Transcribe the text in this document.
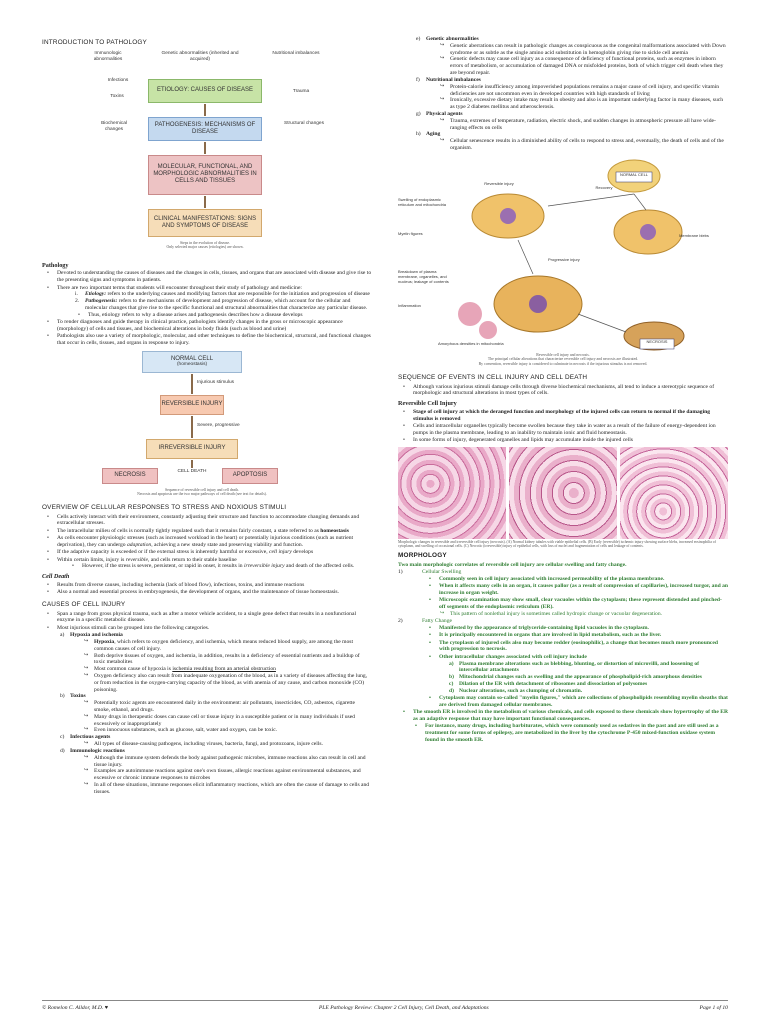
INTRODUCTION TO PATHOLOGY
Immunologic abnormalities
Genetic abnormalities (inherited and acquired)
Nutritional imbalances
Infections
Toxins
Trauma
ETIOLOGY: CAUSES OF DISEASE
PATHOGENESIS: MECHANISMS OF DISEASE
Biochemical changes
Structural changes
MOLECULAR, FUNCTIONAL, AND MORPHOLOGIC ABNORMALITIES IN CELLS AND TISSUES
CLINICAL MANIFESTATIONS: SIGNS AND SYMPTOMS OF DISEASE
Steps in the evolution of disease.
Only selected major causes (etiologies) are shown.
Pathology
• Devoted to understanding the causes of diseases and the changes in cells, tissues, and organs that are associated with disease and give rise to the presenting signs and symptoms in patients.
• There are two important terms that students will encounter throughout their study of pathology and medicine:
i. Etiology: refers to the underlying causes and modifying factors that are responsible for the initiation and progression of disease
2. Pathogenesis: refers to the mechanisms of development and progression of disease, which account for the cellular and molecular changes that give rise to the specific functional and structural abnormalities that characterize any particular disease.
• Thus, etiology refers to why a disease arises and pathogenesis describes how a disease develops
• To render diagnoses and guide therapy in clinical practice, pathologists identify changes in the gross or microscopic appearance (morphology) of cells and tissues, and biochemical alterations in body fluids (such as blood and urine)
• Pathologists also use a variety of morphologic, molecular, and other techniques to define the biochemical, structural, and functional changes that occur in cells, tissues, and organs in response to injury.
NORMAL CELL
(homeostasis)
Injurious stimulus
REVERSIBLE INJURY
Severe, progressive
IRREVERSIBLE INJURY
NECROSIS
CELL DEATH
APOPTOSIS
Sequence of reversible cell injury and cell death.
Necrosis and apoptosis are the two major pathways of cell death (see text for details).
OVERVIEW OF CELLULAR RESPONSES TO STRESS AND NOXIOUS STIMULI
• Cells actively interact with their environment, constantly adjusting their structure and function to accommodate changing demands and extracellular stresses.
• The intracellular milieu of cells is normally tightly regulated such that it remains fairly constant, a state referred to as homeostasis
• As cells encounter physiologic stresses (such as increased workload in the heart) or potentially injurious conditions (such as nutrient deprivation), they can undergo adaptation, achieving a new steady state and preserving viability and function.
• If the adaptive capacity is exceeded or if the external stress is inherently harmful or excessive, cell injury develops
• Within certain limits, injury is reversible, and cells return to their stable baseline
• However, if the stress is severe, persistent, or rapid in onset, it results in irreversible injury and death of the affected cells.
Cell Death
• Results from diverse causes, including ischemia (lack of blood flow), infections, toxins, and immune reactions
• Also a normal and essential process in embryogenesis, the development of organs, and the maintenance of tissue homeostasis.
CAUSES OF CELL INJURY
• Span a range from gross physical trauma, such as after a motor vehicle accident, to a single gene defect that results in a nonfunctional enzyme in a specific metabolic disease.
• Most injurious stimuli can be grouped into the following categories.
a) Hypoxia and ischemia
↪ Hypoxia, which refers to oxygen deficiency, and ischemia, which means reduced blood supply, are among the most common causes of cell injury.
↪ Both deprive tissues of oxygen, and ischemia, in addition, results in a deficiency of essential nutrients and a buildup of toxic metabolites
↪ Most common cause of hypoxia is ischemia resulting from an arterial obstruction
↪ Oxygen deficiency also can result from inadequate oxygenation of the blood, as in a variety of diseases affecting the lung, or from reduction in the oxygen-carrying capacity of the blood, as with anemia of any cause, and carbon monoxide (CO) poisoning.
b) Toxins
↪ Potentially toxic agents are encountered daily in the environment: air pollutants, insecticides, CO, asbestos, cigarette smoke, ethanol, and drugs.
↪ Many drugs in therapeutic doses can cause cell or tissue injury in a susceptible patient or in many individuals if used excessively or inappropriately
↪ Even innocuous substances, such as glucose, salt, water and oxygen, can be toxic.
c) Infectious agents
↪ All types of disease-causing pathogens, including viruses, bacteria, fungi, and protozoans, injure cells.
d) Immunologic reactions
↪ Although the immune system defends the body against pathogenic microbes, immune reactions also can result in cell and tissue injury.
↪ Examples are autoimmune reactions against one's own tissues, allergic reactions against environmental substances, and excessive or chronic immune responses to microbes
↪ In all of these situations, immune responses elicit inflammatory reactions, which are often the cause of damage to cells and tissues.
e) Genetic abnormalities
↪ Genetic aberrations can result in pathologic changes as conspicuous as the congenital malformations associated with Down syndrome or as subtle as the single amino acid substitution in hemoglobin giving rise to sickle cell anemia
↪ Genetic defects may cause cell injury as a consequence of deficiency of functional proteins, such as enzymes in inborn errors of metabolism, or accumulation of damaged DNA or misfolded proteins, both of which trigger cell death when they are beyond repair.
f) Nutritional imbalances
↪ Protein-calorie insufficiency among impoverished populations remains a major cause of cell injury, and specific vitamin deficiencies are not uncommon even in developed countries with high standards of living
↪ Ironically, excessive dietary intake may result in obesity and also is an important underlying factor in many diseases, such as type 2 diabetes mellitus and atherosclerosis.
g) Physical agents
↪ Trauma, extremes of temperature, radiation, electric shock, and sudden changes in atmospheric pressure all have wide-ranging effects on cells
h) Aging
↪ Cellular senescence results in a diminished ability of cells to respond to stress and, eventually, the death of cells and of the organism.
NORMAL CELL
Reversible injury
Recovery
Swelling of endoplasmic reticulum and mitochondria
Myelin figures	Membrane blebs
Progressive injury
Breakdown of plasma membrane, organelles, and nucleus; leakage of contents
Inflammation
Amorphous densities in mitochondria	NECROSIS
Reversible cell injury and necrosis.
The principal cellular alterations that characterize reversible cell injury and necrosis are illustrated.
By convention, reversible injury is considered to culminate in necrosis if the injurious stimulus is not removed.
SEQUENCE OF EVENTS IN CELL INJURY AND CELL DEATH
• Although various injurious stimuli damage cells through diverse biochemical mechanisms, all tend to induce a stereotypic sequence of morphologic and structural alterations in most types of cells.
Reversible Cell Injury
• Stage of cell injury at which the deranged function and morphology of the injured cells can return to normal if the damaging stimulus is removed
• Cells and intracellular organelles typically become swollen because they take in water as a result of the failure of energy-dependent ion pumps in the plasma membrane, leading to an inability to maintain ionic and fluid homeostasis.
• In some forms of injury, degenerated organelles and lipids may accumulate inside the injured cells
Morphologic changes in reversible and irreversible cell injury (necrosis). (A) Normal kidney tubules with viable epithelial cells. (B) Early (reversible) ischemic injury showing surface blebs, increased eosinophilia of cytoplasm, and swelling of occasional cells. (C) Necrotic (irreversible) injury of epithelial cells, with loss of nuclei and fragmentation of cells and leakage of contents.
MORPHOLOGY
Two main morphologic correlates of reversible cell injury are cellular swelling and fatty change.
1)	Cellular Swelling
• Commonly seen in cell injury associated with increased permeability of the plasma membrane.
• When it affects many cells in an organ, it causes pallor (as a result of compression of capillaries), increased turgor, and an increase in organ weight.
• Microscopic examination may show small, clear vacuoles within the cytoplasm; these represent distended and pinched-off segments of the endoplasmic reticulum (ER).
↪ This pattern of nonlethal injury is sometimes called hydropic change or vacuolar degeneration.
2)	Fatty Change
• Manifested by the appearance of triglyceride-containing lipid vacuoles in the cytoplasm.
• It is principally encountered in organs that are involved in lipid metabolism, such as the liver.
• The cytoplasm of injured cells also may become redder (eosinophilic), a change that becomes much more pronounced with progression to necrosis.
• Other intracellular changes associated with cell injury include
a) Plasma membrane alterations such as blebbing, blunting, or distortion of microvilli, and loosening of intercellular attachments
b) Mitochondrial changes such as swelling and the appearance of phospholipid-rich amorphous densities
c) Dilation of the ER with detachment of ribosomes and dissociation of polysomes
d) Nuclear alterations, such as clumping of chromatin.
• Cytoplasm may contain so-called "myelin figures," which are collections of phospholipids resembling myelin sheaths that are derived from damaged cellular membranes.
• The smooth ER is involved in the metabolism of various chemicals, and cells exposed to these chemicals show hypertrophy of the ER as an adaptive response that may have important functional consequences.
• For instance, many drugs, including barbiturates, which were commonly used as sedatives in the past and are still used as a treatment for some forms of epilepsy, are metabolized in the liver by the cytochrome P-450 mixed-function oxidase system found in the smooth ER.
© Romelon C. Alldor, M.D. ♥	PLE Pathology Review: Chapter 2 Cell Injury, Cell Death, and Adaptations	Page 1 of 10
